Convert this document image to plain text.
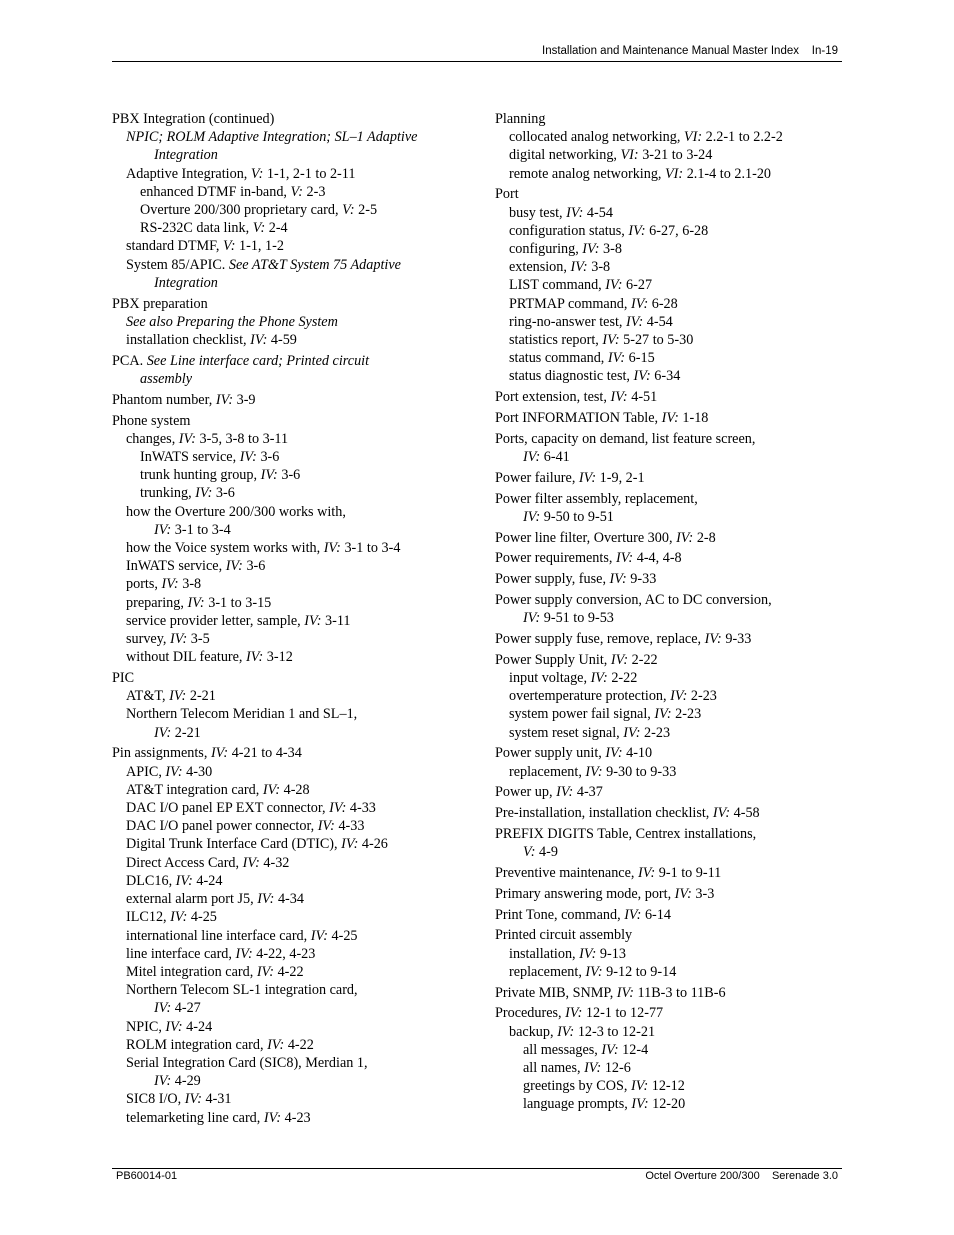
Installation and Maintenance Manual Master Index In-19
PBX Integration (continued)
NPIC; ROLM Adaptive Integration; SL–1 Adaptive
Integration
Adaptive Integration, V: 1-1, 2-1 to 2-11
enhanced DTMF in-band, V: 2-3
Overture 200/300 proprietary card, V: 2-5
RS-232C data link, V: 2-4
standard DTMF, V: 1-1, 1-2
System 85/APIC. See AT&T System 75 Adaptive
Integration
PBX preparation
See also Preparing the Phone System
installation checklist, IV: 4-59
PCA. See Line interface card; Printed circuit
assembly
Phantom number, IV: 3-9
Phone system
changes, IV: 3-5, 3-8 to 3-11
InWATS service, IV: 3-6
trunk hunting group, IV: 3-6
trunking, IV: 3-6
how the Overture 200/300 works with,
IV: 3-1 to 3-4
how the Voice system works with, IV: 3-1 to 3-4
InWATS service, IV: 3-6
ports, IV: 3-8
preparing, IV: 3-1 to 3-15
service provider letter, sample, IV: 3-11
survey, IV: 3-5
without DIL feature, IV: 3-12
PIC
AT&T, IV: 2-21
Northern Telecom Meridian 1 and SL–1,
IV: 2-21
Pin assignments, IV: 4-21 to 4-34
APIC, IV: 4-30
AT&T integration card, IV: 4-28
DAC I/O panel EP EXT connector, IV: 4-33
DAC I/O panel power connector, IV: 4-33
Digital Trunk Interface Card (DTIC), IV: 4-26
Direct Access Card, IV: 4-32
DLC16, IV: 4-24
external alarm port J5, IV: 4-34
ILC12, IV: 4-25
international line interface card, IV: 4-25
line interface card, IV: 4-22, 4-23
Mitel integration card, IV: 4-22
Northern Telecom SL-1 integration card,
IV: 4-27
NPIC, IV: 4-24
ROLM integration card, IV: 4-22
Serial Integration Card (SIC8), Merdian 1,
IV: 4-29
SIC8 I/O, IV: 4-31
telemarketing line card, IV: 4-23
Planning
collocated analog networking, VI: 2.2-1 to 2.2-2
digital networking, VI: 3-21 to 3-24
remote analog networking, VI: 2.1-4 to 2.1-20
Port
busy test, IV: 4-54
configuration status, IV: 6-27, 6-28
configuring, IV: 3-8
extension, IV: 3-8
LIST command, IV: 6-27
PRTMAP command, IV: 6-28
ring-no-answer test, IV: 4-54
statistics report, IV: 5-27 to 5-30
status command, IV: 6-15
status diagnostic test, IV: 6-34
Port extension, test, IV: 4-51
Port INFORMATION Table, IV: 1-18
Ports, capacity on demand, list feature screen,
IV: 6-41
Power failure, IV: 1-9, 2-1
Power filter assembly, replacement,
IV: 9-50 to 9-51
Power line filter, Overture 300, IV: 2-8
Power requirements, IV: 4-4, 4-8
Power supply, fuse, IV: 9-33
Power supply conversion, AC to DC conversion,
IV: 9-51 to 9-53
Power supply fuse, remove, replace, IV: 9-33
Power Supply Unit, IV: 2-22
input voltage, IV: 2-22
overtemperature protection, IV: 2-23
system power fail signal, IV: 2-23
system reset signal, IV: 2-23
Power supply unit, IV: 4-10
replacement, IV: 9-30 to 9-33
Power up, IV: 4-37
Pre-installation, installation checklist, IV: 4-58
PREFIX DIGITS Table, Centrex installations,
V: 4-9
Preventive maintenance, IV: 9-1 to 9-11
Primary answering mode, port, IV: 3-3
Print Tone, command, IV: 6-14
Printed circuit assembly
installation, IV: 9-13
replacement, IV: 9-12 to 9-14
Private MIB, SNMP, IV: 11B-3 to 11B-6
Procedures, IV: 12-1 to 12-77
backup, IV: 12-3 to 12-21
all messages, IV: 12-4
all names, IV: 12-6
greetings by COS, IV: 12-12
language prompts, IV: 12-20
PB60014-01	Octel Overture 200/300 Serenade 3.0
